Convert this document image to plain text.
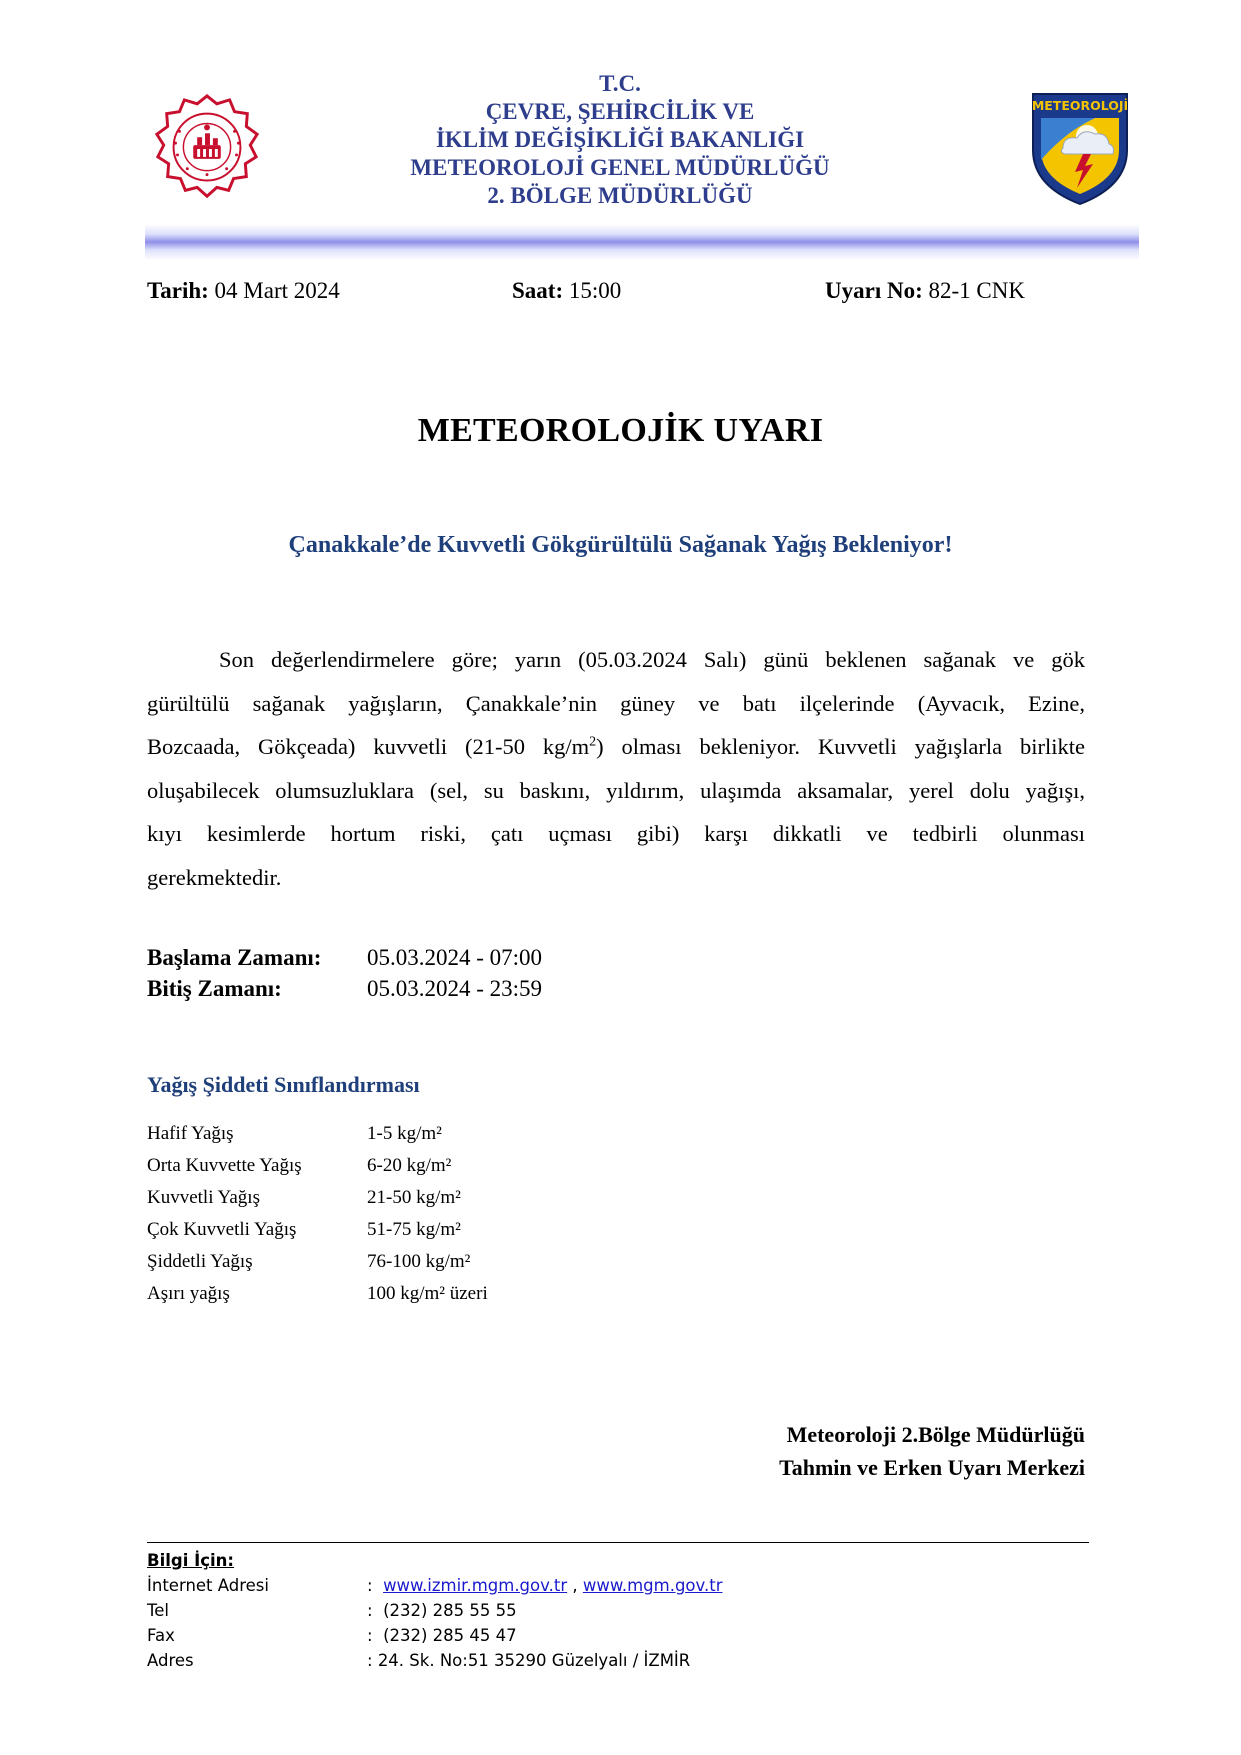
T.C.
ÇEVRE, ŞEHİRCİLİK VE
İKLİM DEĞİŞİKLİĞİ BAKANLIĞI
METEOROLOJİ GENEL MÜDÜRLÜĞÜ
2. BÖLGE MÜDÜRLÜĞÜ
METEOROLOJİ
Tarih: 04 Mart 2024	Saat: 15:00	Uyarı No: 82-1 CNK
METEOROLOJİK UYARI
Çanakkale’de Kuvvetli Gökgürültülü Sağanak Yağış Bekleniyor!
Son değerlendirmelere göre; yarın (05.03.2024 Salı) günü beklenen sağanak ve gök
gürültülü sağanak yağışların, Çanakkale’nin güney ve batı ilçelerinde (Ayvacık, Ezine,
Bozcaada, Gökçeada) kuvvetli (21-50 $kg/m^2$) olması bekleniyor. Kuvvetli yağışlarla birlikte
oluşabilecek olumsuzluklara (sel, su baskını, yıldırım, ulaşımda aksamalar, yerel dolu yağışı,
kıyı kesimlerde hortum riski, çatı uçması gibi) karşı dikkatli ve tedbirli olunması
gerekmektedir.
Başlama Zamanı: 05.03.2024 - 07:00
Bitiş Zamanı:	05.03.2024 - 23:59
Yağış Şiddeti Sınıflandırması
Hafif Yağış	1-5 kg/m²
Orta Kuvvette Yağış	6-20 kg/m²
Kuvvetli Yağış	21-50 kg/m²
Çok Kuvvetli Yağış	51-75 kg/m²
Şiddetli Yağış	76-100 kg/m²
Aşırı yağış	100 kg/m² üzeri
Meteoroloji 2.Bölge Müdürlüğü
Tahmin ve Erken Uyarı Merkezi
Bilgi İçin:
İnternet Adresi	: www.izmir.mgm.gov.tr , www.mgm.gov.tr
Tel	: (232) 285 55 55
Fax	: (232) 285 45 47
Adres	: 24. Sk. No:51 35290 Güzelyalı / İZMİR
